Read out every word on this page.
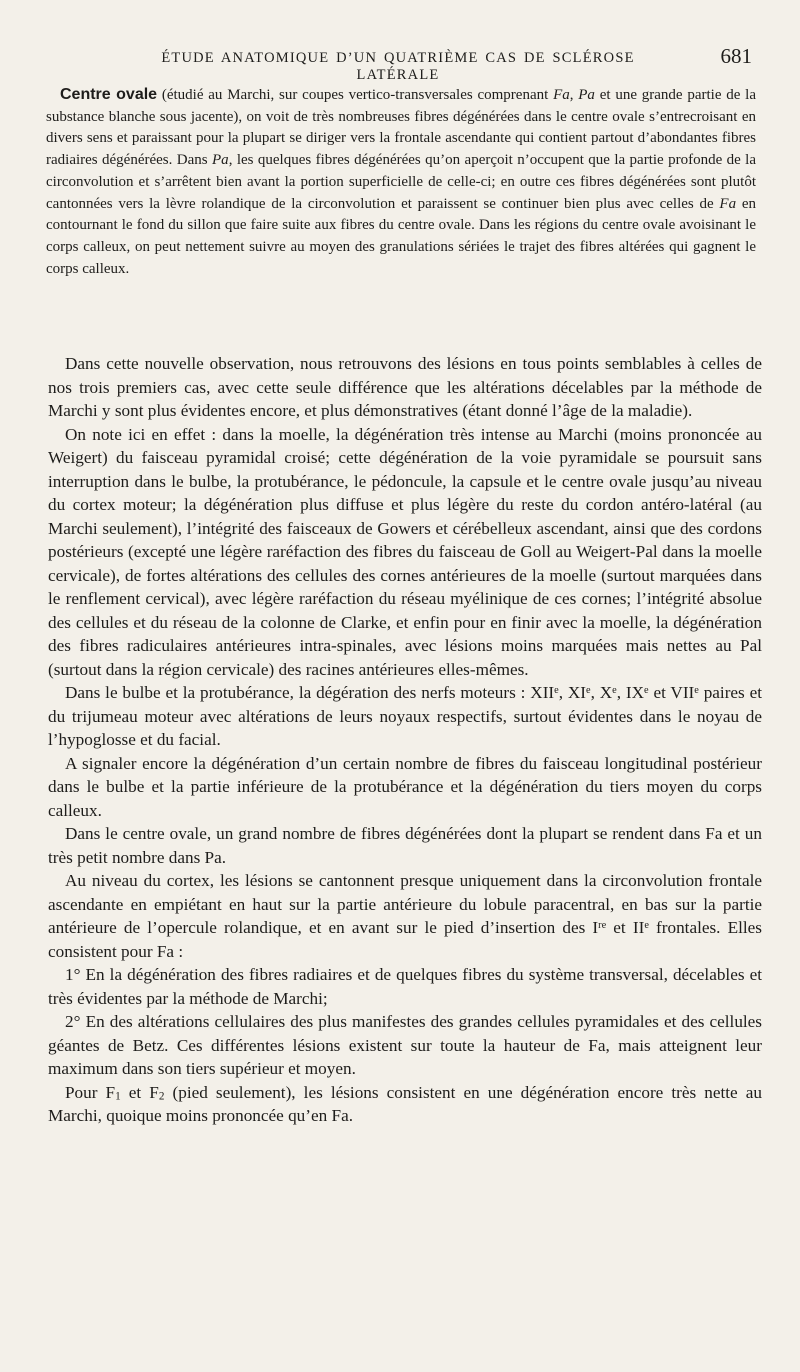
ÉTUDE ANATOMIQUE D’UN QUATRIÈME CAS DE SCLÉROSE LATÉRALE
681

Centre ovale (étudié au Marchi, sur coupes vertico-transversales comprenant Fa, Pa et une grande partie de la substance blanche sous jacente), on voit de très nombreuses fibres dégénérées dans le centre ovale s’entrecroisant en divers sens et paraissant pour la plupart se diriger vers la frontale ascendante qui contient partout d’abondantes fibres radiaires dégénérées. Dans Pa, les quelques fibres dégénérées qu’on aperçoit n’occupent que la partie profonde de la circonvolution et s’arrêtent bien avant la portion superficielle de celle-ci; en outre ces fibres dégénérées sont plutôt cantonnées vers la lèvre rolandique de la circonvolution et paraissent se continuer bien plus avec celles de Fa en contournant le fond du sillon que faire suite aux fibres du centre ovale. Dans les régions du centre ovale avoisinant le corps calleux, on peut nettement suivre au moyen des granulations sériées le trajet des fibres altérées qui gagnent le corps calleux.

Dans cette nouvelle observation, nous retrouvons des lésions en tous points semblables à celles de nos trois premiers cas, avec cette seule différence que les altérations décelables par la méthode de Marchi y sont plus évidentes encore, et plus démonstratives (étant donné l’âge de la maladie).

On note ici en effet : dans la moelle, la dégénération très intense au Marchi (moins prononcée au Weigert) du faisceau pyramidal croisé; cette dégénération de la voie pyramidale se poursuit sans interruption dans le bulbe, la protubérance, le pédoncule, la capsule et le centre ovale jusqu’au niveau du cortex moteur; la dégénération plus diffuse et plus légère du reste du cordon antéro-latéral (au Marchi seulement), l’intégrité des faisceaux de Gowers et cérébelleux ascendant, ainsi que des cordons postérieurs (excepté une légère raréfaction des fibres du faisceau de Goll au Weigert-Pal dans la moelle cervicale), de fortes altérations des cellules des cornes antérieures de la moelle (surtout marquées dans le renflement cervical), avec légère raréfaction du réseau myélinique de ces cornes; l’intégrité absolue des cellules et du réseau de la colonne de Clarke, et enfin pour en finir avec la moelle, la dégénération des fibres radiculaires antérieures intra-spinales, avec lésions moins marquées mais nettes au Pal (surtout dans la région cervicale) des racines antérieures elles-mêmes.

Dans le bulbe et la protubérance, la dégération des nerfs moteurs : XIIe, XIe, Xe, IXe et VIIe paires et du trijumeau moteur avec altérations de leurs noyaux respectifs, surtout évidentes dans le noyau de l’hypoglosse et du facial.

A signaler encore la dégénération d’un certain nombre de fibres du faisceau longitudinal postérieur dans le bulbe et la partie inférieure de la protubérance et la dégénération du tiers moyen du corps calleux.

Dans le centre ovale, un grand nombre de fibres dégénérées dont la plupart se rendent dans Fa et un très petit nombre dans Pa.

Au niveau du cortex, les lésions se cantonnent presque uniquement dans la circonvolution frontale ascendante en empiétant en haut sur la partie antérieure du lobule paracentral, en bas sur la partie antérieure de l’opercule rolandique, et en avant sur le pied d’insertion des Ire et IIe frontales. Elles consistent pour Fa :

1° En la dégénération des fibres radiaires et de quelques fibres du système transversal, décelables et très évidentes par la méthode de Marchi;

2° En des altérations cellulaires des plus manifestes des grandes cellules pyramidales et des cellules géantes de Betz. Ces différentes lésions existent sur toute la hauteur de Fa, mais atteignent leur maximum dans son tiers supérieur et moyen.

Pour $F_1$ et $F_2$ (pied seulement), les lésions consistent en une dégénération encore très nette au Marchi, quoique moins prononcée qu’en Fa.
